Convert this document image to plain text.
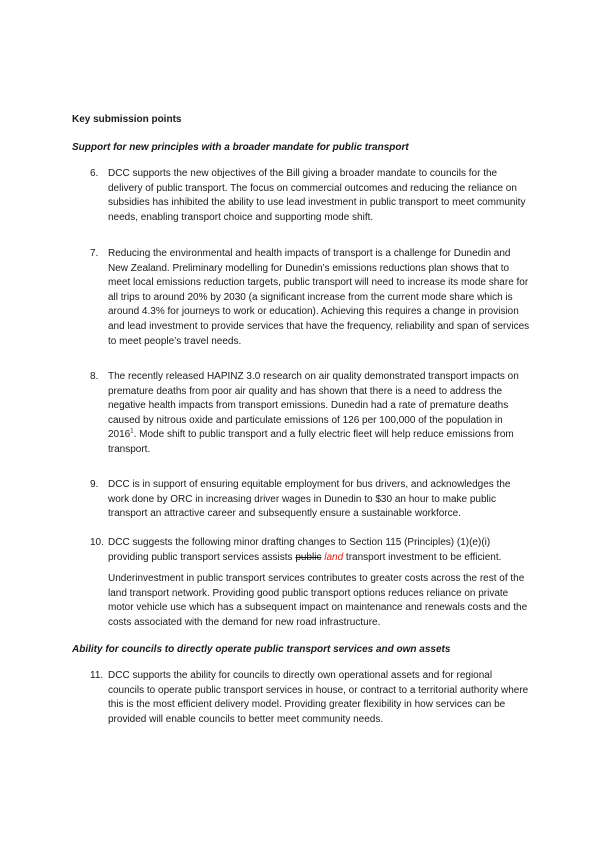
Key submission points
Support for new principles with a broader mandate for public transport
6. DCC supports the new objectives of the Bill giving a broader mandate to councils for the delivery of public transport. The focus on commercial outcomes and reducing the reliance on subsidies has inhibited the ability to use lead investment in public transport to meet community needs, enabling transport choice and supporting mode shift.
7. Reducing the environmental and health impacts of transport is a challenge for Dunedin and New Zealand. Preliminary modelling for Dunedin’s emissions reductions plan shows that to meet local emissions reduction targets, public transport will need to increase its mode share for all trips to around 20% by 2030 (a significant increase from the current mode share which is around 4.3% for journeys to work or education). Achieving this requires a change in provision and lead investment to provide services that have the frequency, reliability and span of services to meet people’s travel needs.
8. The recently released HAPINZ 3.0 research on air quality demonstrated transport impacts on premature deaths from poor air quality and has shown that there is a need to address the negative health impacts from transport emissions. Dunedin had a rate of premature deaths caused by nitrous oxide and particulate emissions of 126 per 100,000 of the population in 2016$^1$. Mode shift to public transport and a fully electric fleet will help reduce emissions from transport.
9. DCC is in support of ensuring equitable employment for bus drivers, and acknowledges the work done by ORC in increasing driver wages in Dunedin to $30 an hour to make public transport an attractive career and subsequently ensure a sustainable workforce.
10. DCC suggests the following minor drafting changes to Section 115 (Principles) (1)(e)(i) providing public transport services assists public land transport investment to be efficient.
Underinvestment in public transport services contributes to greater costs across the rest of the land transport network. Providing good public transport options reduces reliance on private motor vehicle use which has a subsequent impact on maintenance and renewals costs and the costs associated with the demand for new road infrastructure.
Ability for councils to directly operate public transport services and own assets
11. DCC supports the ability for councils to directly own operational assets and for regional councils to operate public transport services in house, or contract to a territorial authority where this is the most efficient delivery model. Providing greater flexibility in how services can be provided will enable councils to better meet community needs.
